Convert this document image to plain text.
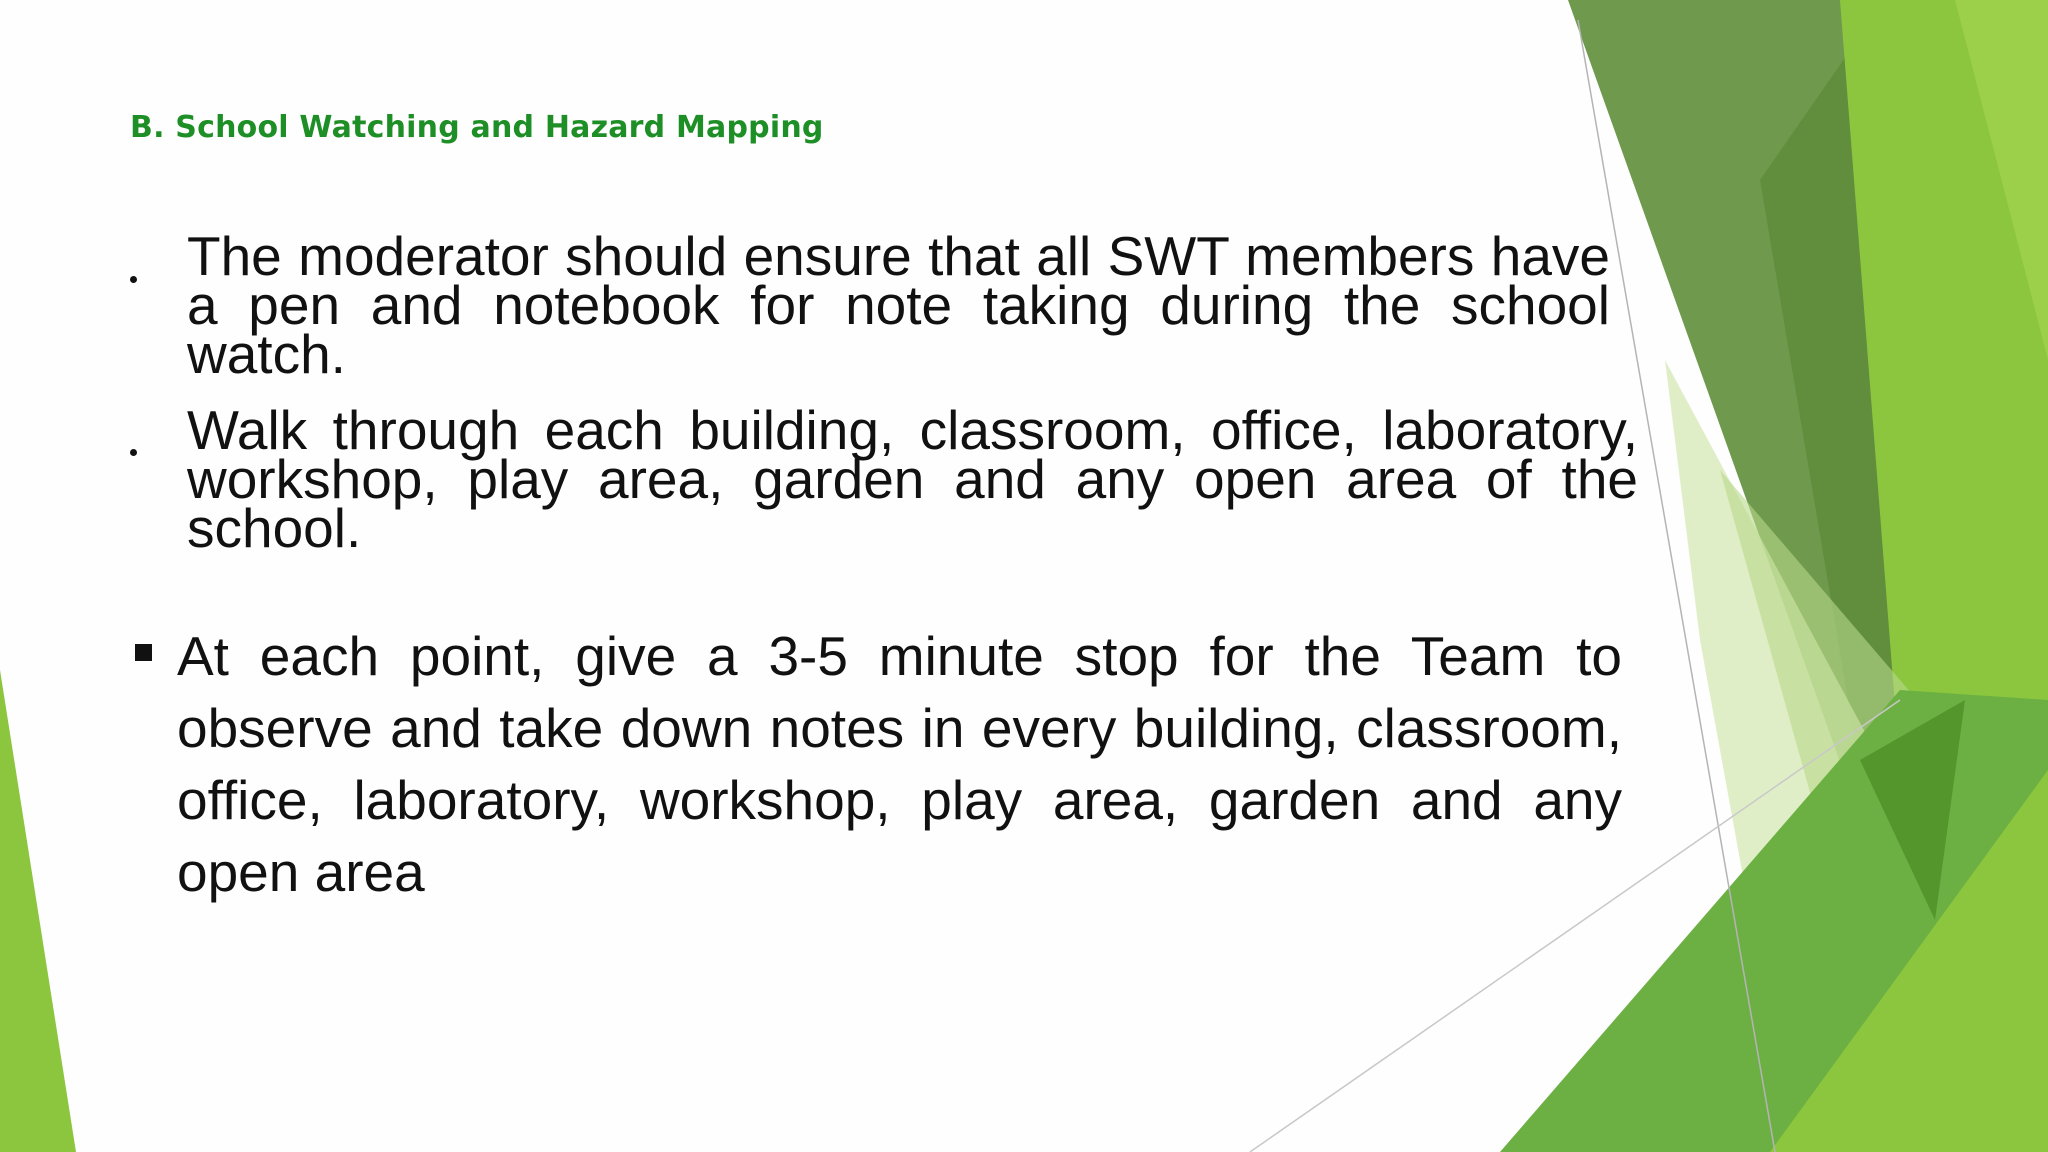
B. School Watching and Hazard Mapping

The moderator should ensure that all SWT members have a pen and notebook for note taking during the school watch.

Walk through each building, classroom, office, laboratory, workshop, play area, garden and any open area of the school.

At each point, give a 3-5 minute stop for the Team to observe and take down notes in every building, classroom, office, laboratory, workshop, play area, garden and any open area
